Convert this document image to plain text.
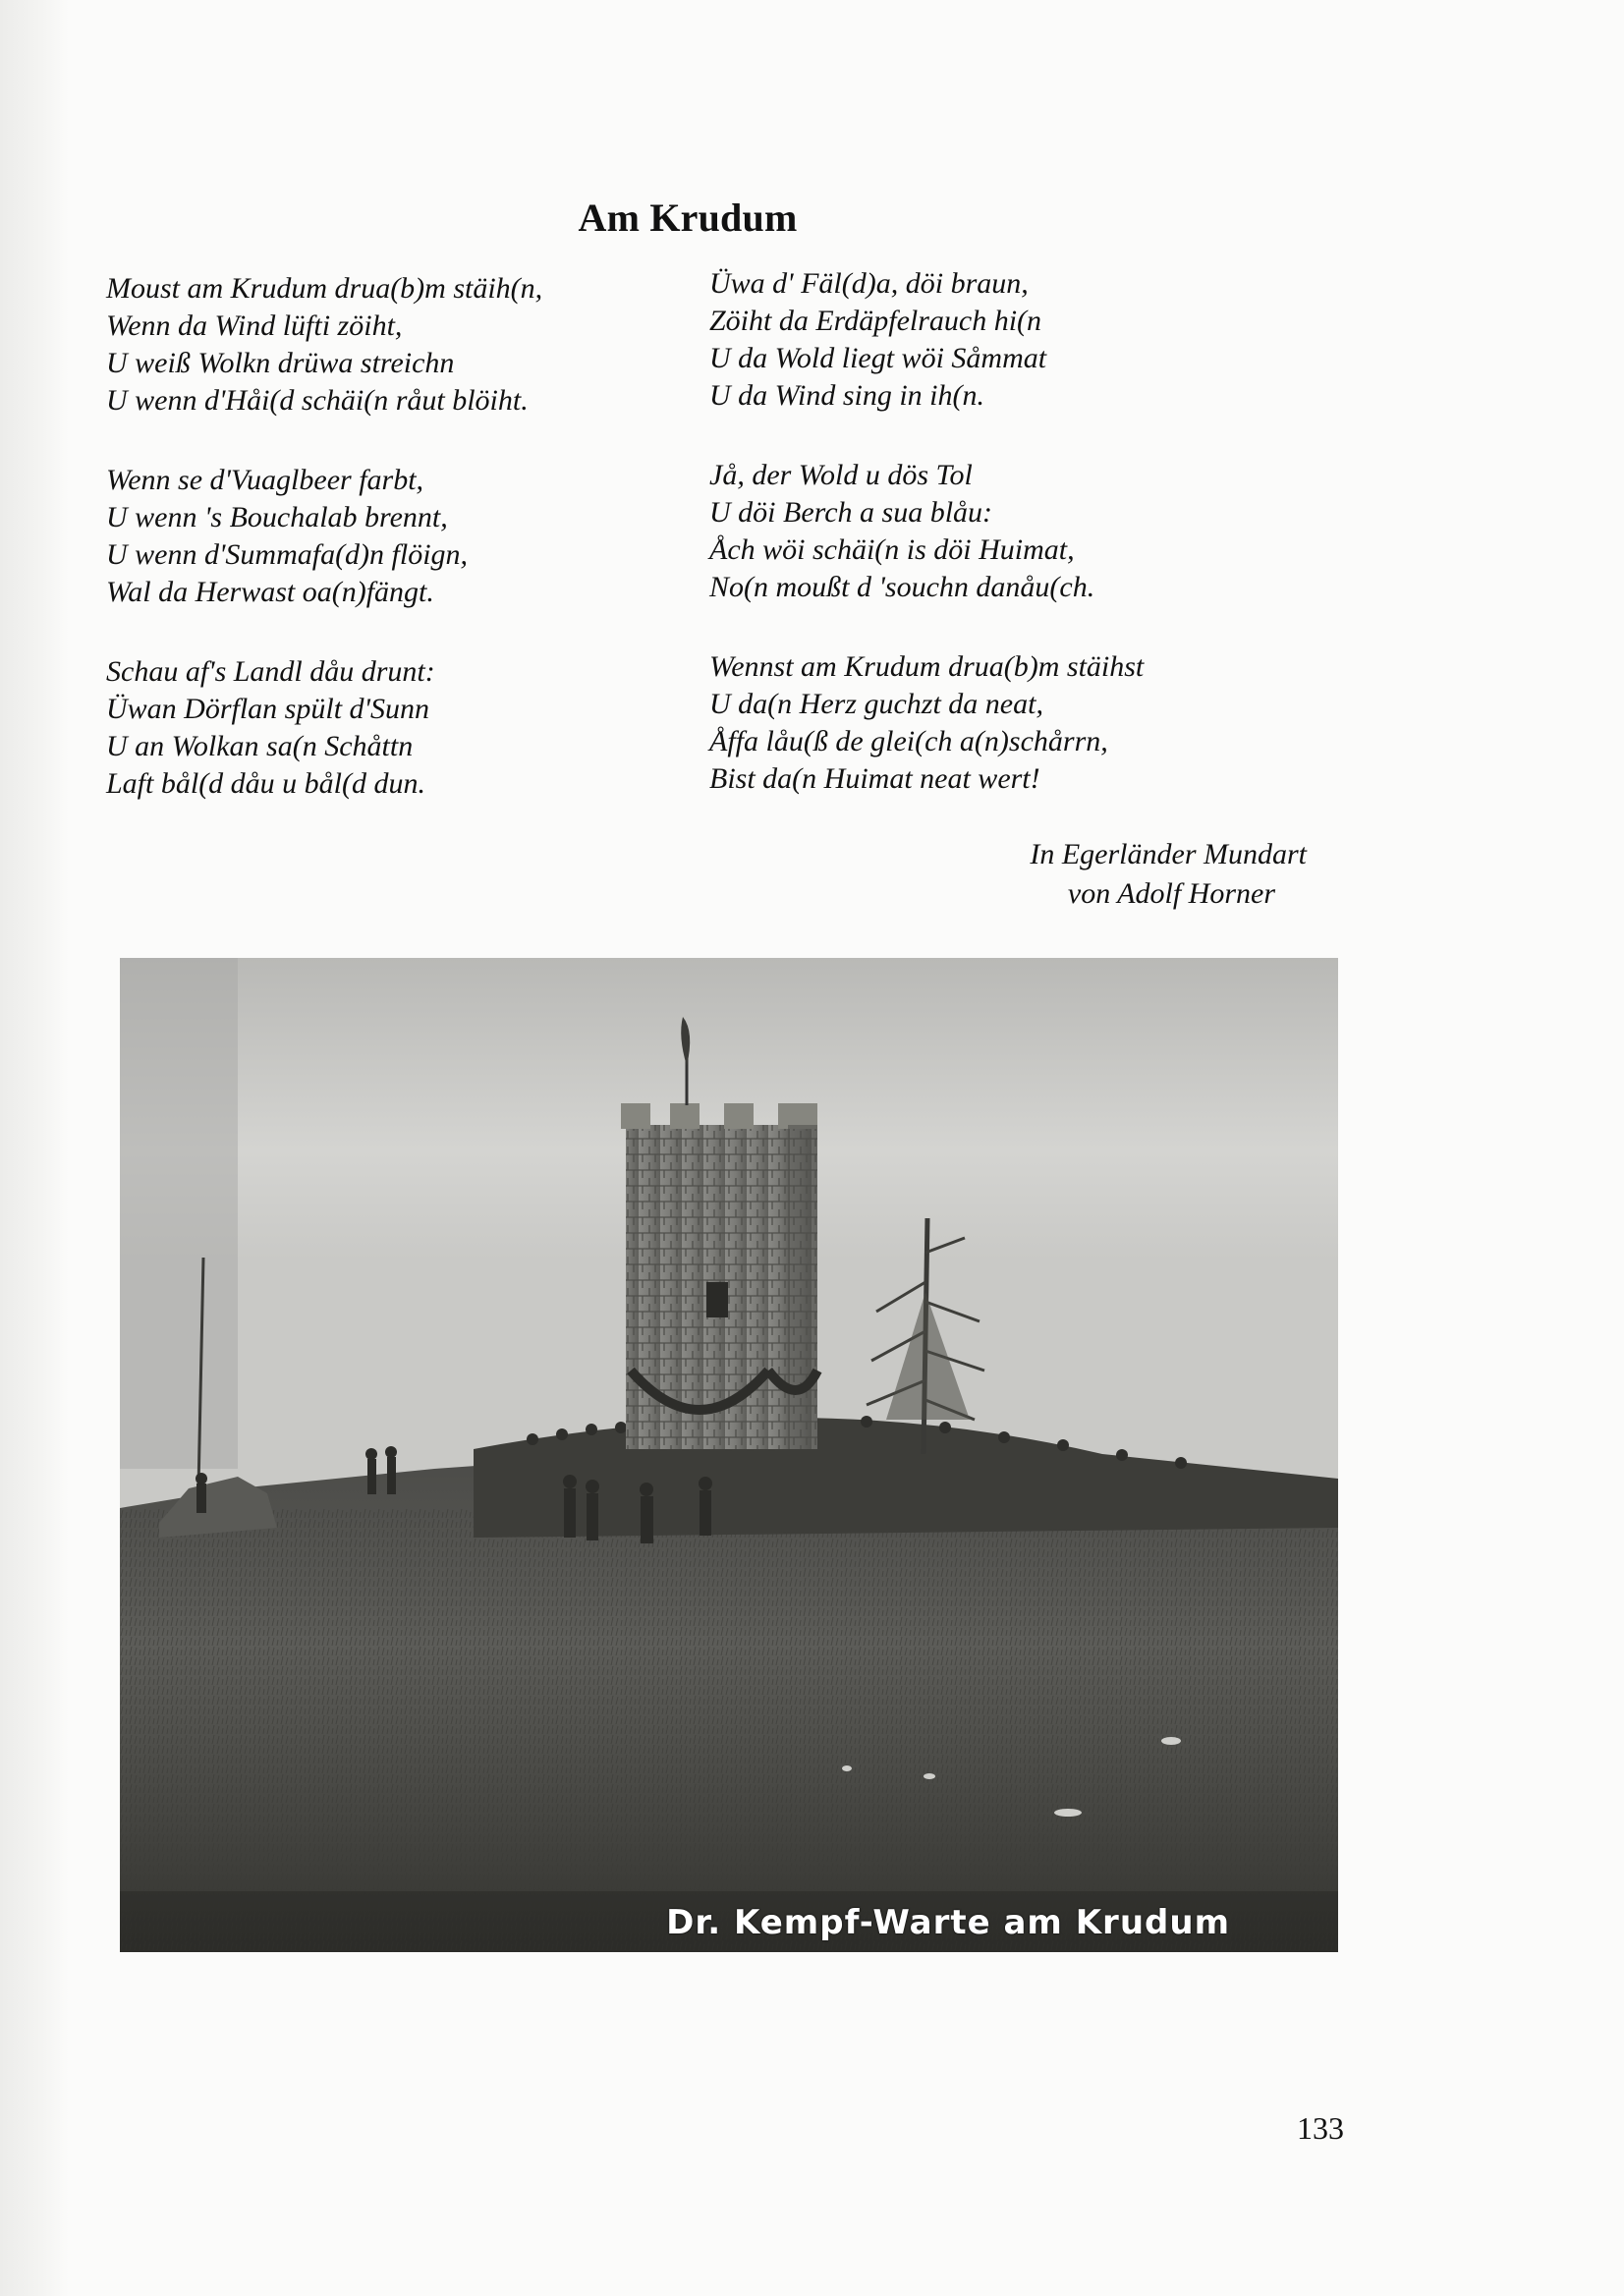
Am Krudum
Moust am Krudum drua(b)m stäih(n,
Wenn da Wind lüfti zöiht,
U weiß Wolkn drüwa streichn
U wenn d'Håi(d schäi(n råut blöiht.
Wenn se d'Vuaglbeer farbt,
U wenn 's Bouchalab brennt,
U wenn d'Summafa(d)n flöign,
Wal da Herwast oa(n)fängt.
Schau af's Landl dåu drunt:
Üwan Dörflan spült d'Sunn
U an Wolkan sa(n Schåttn
Laft bål(d dåu u bål(d dun.
Üwa d' Fäl(d)a, döi braun,
Zöiht da Erdäpfelrauch hi(n
U da Wold liegt wöi Såmmat
U da Wind sing in ih(n.
Jå, der Wold u dös Tol
U döi Berch a sua blåu:
Åch wöi schäi(n is döi Huimat,
No(n moußt d 'souchn danåu(ch.
Wennst am Krudum drua(b)m stäihst
U da(n Herz guchzt da neat,
Åffa låu(ß de glei(ch a(n)schårrn,
Bist da(n Huimat neat wert!
In Egerländer Mundart
von Adolf Horner
Dr. Kempf-Warte am Krudum
133
